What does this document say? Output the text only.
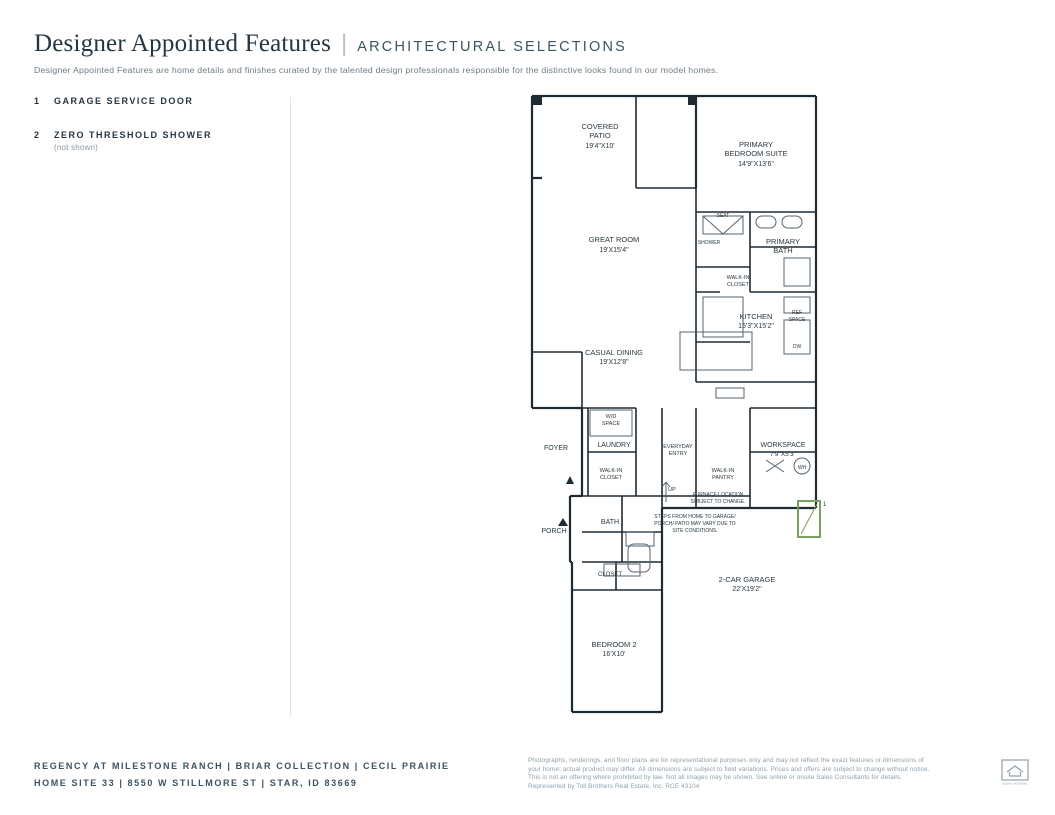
Designer Appointed Features | ARCHITECTURAL SELECTIONS
Designer Appointed Features are home details and finishes curated by the talented design professionals responsible for the distinctive looks found in our model homes.
1 GARAGE SERVICE DOOR
2 ZERO THRESHOLD SHOWER
(not shown)
COVERED
PATIO
19'4"X10'	PRIMARY
BEDROOM SUITE
14'9"X13'6"
GREAT ROOM
19'X15'4"
SEAT
SHOWER	PRIMARY
BATH
WALK-IN
CLOSET
KITCHEN
15'3"X15'2"
REF
SPACE
DW
CASUAL DINING
19'X12'8"
W/D
SPACE
LAUNDRY
FOYER
WALK-IN
CLOSET
EVERYDAY
ENTRY
WORKSPACE
7'9"X5'3"
WALK-IN
PANTRY
WH
UP
PORCH
BATH
CLOSET
BEDROOM 2
16'X10'
2-CAR GARAGE
22'X19'2"
FURNACE LOCATION
SUBJECT TO CHANGE.
STEPS FROM HOME TO GARAGE/
PORCH/ PATIO MAY VARY DUE TO
SITE CONDITIONS.
1
REGENCY AT MILESTONE RANCH | BRIAR COLLECTION | CECIL PRAIRIE
HOME SITE 33 | 8550 W STILLMORE ST | STAR, ID 83669

Photographs, renderings, and floor plans are for representational purposes only and may not reflect the exact features or dimensions of

your home; actual product may differ. All dimensions are subject to field variations. Prices and offers are subject to change without notice.

This is not an offering where prohibited by law. Not all images may be shown. See online or onsite Sales Consultants for details.

Represented by Toll Brothers Real Estate, Inc. RCE 43104	EQUAL HOUSING
